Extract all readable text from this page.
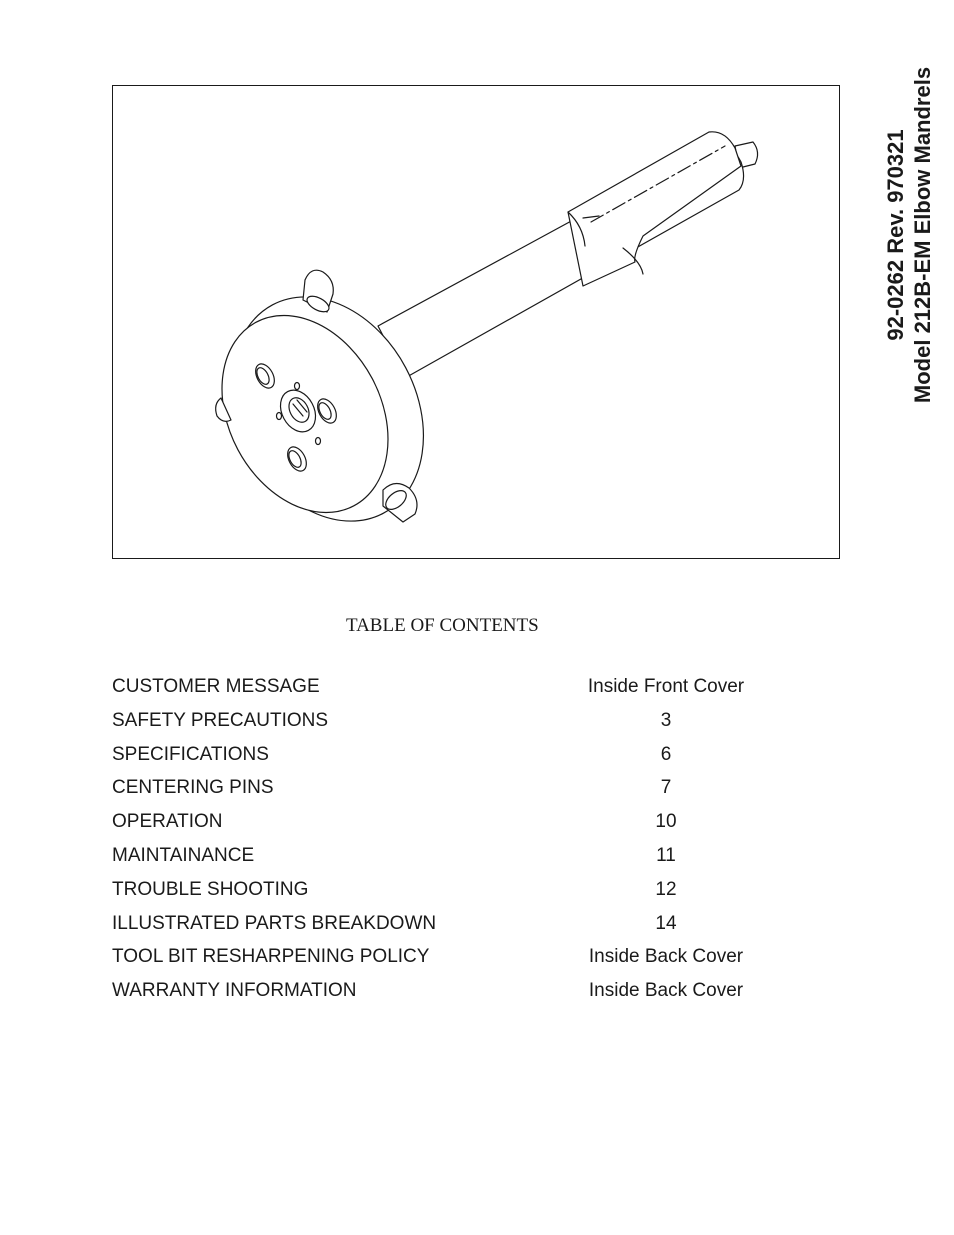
92-0262 Rev. 970321 Model 212B-EM Elbow Mandrels
TABLE OF CONTENTS
CUSTOMER MESSAGE	Inside Front Cover
SAFETY PRECAUTIONS	3
SPECIFICATIONS	6
CENTERING PINS	7
OPERATION	10
MAINTAINANCE	11
TROUBLE SHOOTING	12
ILLUSTRATED PARTS BREAKDOWN	14
TOOL BIT RESHARPENING POLICY	Inside Back Cover
WARRANTY INFORMATION	Inside Back Cover
